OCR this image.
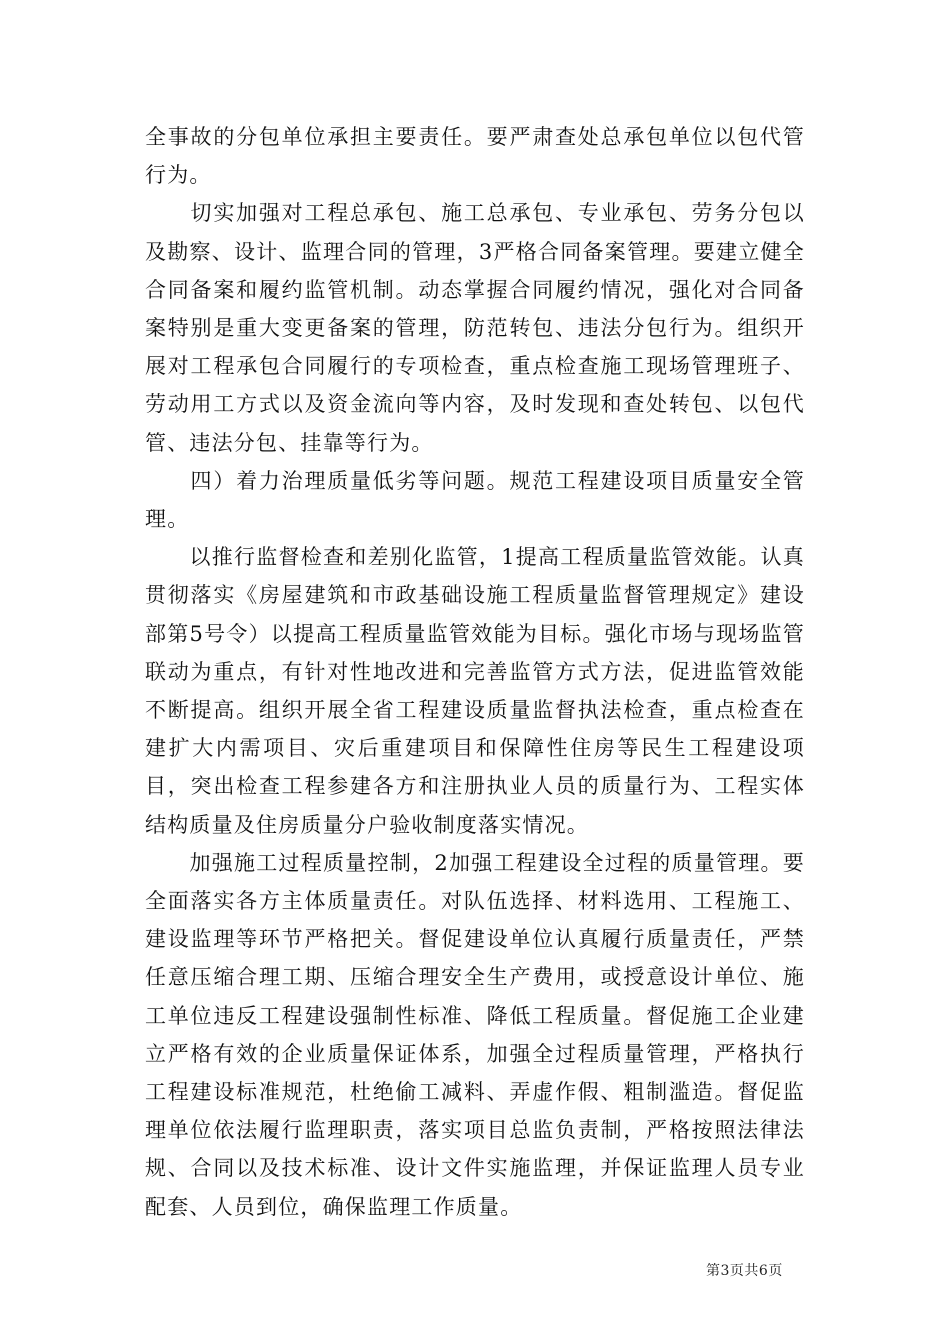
全事故的分包单位承担主要责任。要严肃查处总承包单位以包代管行为。

　　切实加强对工程总承包、施工总承包、专业承包、劳务分包以及勘察、设计、监理合同的管理，3严格合同备案管理。要建立健全合同备案和履约监管机制。动态掌握合同履约情况，强化对合同备案特别是重大变更备案的管理，防范转包、违法分包行为。组织开展对工程承包合同履行的专项检查，重点检查施工现场管理班子、劳动用工方式以及资金流向等内容，及时发现和查处转包、以包代管、违法分包、挂靠等行为。

　　四）着力治理质量低劣等问题。规范工程建设项目质量安全管理。

　　以推行监督检查和差别化监管，1提高工程质量监管效能。认真贯彻落实《房屋建筑和市政基础设施工程质量监督管理规定》建设部第5号令）以提高工程质量监管效能为目标。强化市场与现场监管联动为重点，有针对性地改进和完善监管方式方法，促进监管效能不断提高。组织开展全省工程建设质量监督执法检查，重点检查在建扩大内需项目、灾后重建项目和保障性住房等民生工程建设项目，突出检查工程参建各方和注册执业人员的质量行为、工程实体结构质量及住房质量分户验收制度落实情况。

　　加强施工过程质量控制，2加强工程建设全过程的质量管理。要全面落实各方主体质量责任。对队伍选择、材料选用、工程施工、建设监理等环节严格把关。督促建设单位认真履行质量责任，严禁任意压缩合理工期、压缩合理安全生产费用，或授意设计单位、施工单位违反工程建设强制性标准、降低工程质量。督促施工企业建立严格有效的企业质量保证体系，加强全过程质量管理，严格执行工程建设标准规范，杜绝偷工减料、弄虚作假、粗制滥造。督促监理单位依法履行监理职责，落实项目总监负责制，严格按照法律法规、合同以及技术标准、设计文件实施监理，并保证监理人员专业配套、人员到位，确保监理工作质量。

第3页共6页
